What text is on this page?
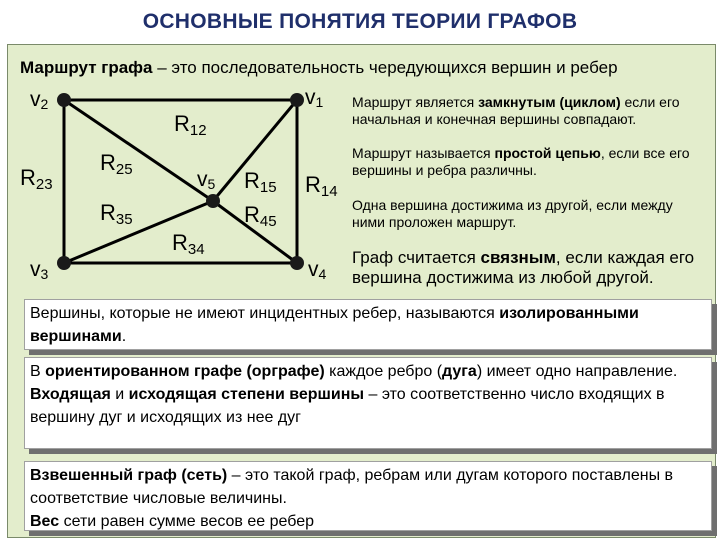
ОСНОВНЫЕ ПОНЯТИЯ ТЕОРИИ ГРАФОВ
Маршрут графа – это последовательность чередующихся вершин и ребер
v2	v1
v5
v3	v4
R12
R23
R25	R15 R14
R35	R45
R34
Маршрут является замкнутым (циклом) если его начальная и конечная вершины совпадают.
Маршрут называется простой цепью, если все его вершины и ребра различны.
Одна вершина достижима из другой, если между ними проложен маршрут.
Граф считается связным, если каждая его вершина достижима из любой другой.
Вершины, которые не имеют инцидентных ребер, называются изолированными вершинами.
В ориентированном графе (орграфе) каждое ребро (дуга) имеет одно направление.
Входящая и исходящая степени вершины – это соответственно число входящих в вершину дуг и исходящих из нее дуг
Взвешенный граф (сеть) – это такой граф, ребрам или дугам которого поставлены в соответствие числовые величины.
Вес сети равен сумме весов ее ребер
